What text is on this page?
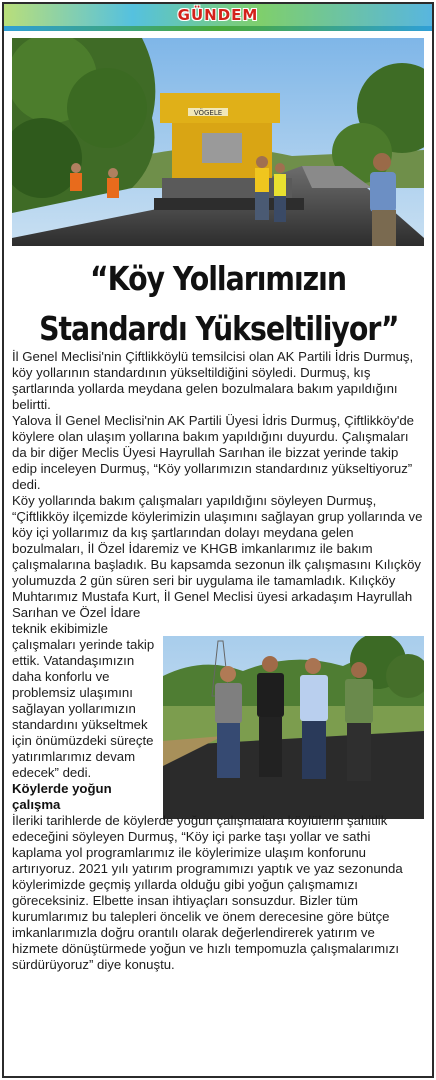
GÜNDEM
VÖGELE
“Köy Yollarımızın
Standardı Yükseltiliyor”

İl Genel Meclisi'nin Çiftlikköylü temsilcisi olan AK Partili İdris Durmuş, köy yollarının standardının yükseltildiğini söyledi. Durmuş, kış şartlarında yollarda meydana gelen bozulmalara bakım yapıldığını belirtti.

Yalova İl Genel Meclisi'nin AK Partili Üyesi İdris Durmuş, Çiftlikköy'de köylere olan ulaşım yollarına bakım yapıldığını duyurdu. Çalışmaları da bir diğer Meclis Üyesi Hayrullah Sarıhan ile bizzat yerinde takip edip inceleyen Durmuş, “Köy yollarımızın standardınız yükseltiyoruz” dedi.

Köy yollarında bakım çalışmaları yapıldığını söyleyen Durmuş, “Çiftlikköy ilçemizde köylerimizin ulaşımını sağlayan grup yollarında ve köy içi yollarımız da kış şartlarından dolayı meydana gelen bozulmaları, İl Özel İdaremiz ve KHGB imkanlarımız ile bakım çalışmalarına başladık. Bu kapsamda sezonun ilk çalışmasını Kılıçköy yolumuzda 2 gün süren seri bir uygulama ile tamamladık. Kılıçköy Muhtarımız Mustafa Kurt, İl Genel Meclisi üyesi arkadaşım Hayrullah Sarıhan ve Özel İdare teknik ekibimizle çalışmaları yerinde takip ettik. Vatandaşımızın daha konforlu ve problemsiz ulaşımını sağlayan yollarımızın standardını yükseltmek için önümüzdeki süreçte yatırımlarımız devam edecek” dedi.

Köylerde yoğun çalışma

İleriki tarihlerde de köylerde yoğun çalışmalara köylülerin şahitlik edeceğini söyleyen Durmuş, “Köy içi parke taşı yollar ve sathi kaplama yol programlarımız ile köylerimize ulaşım konforunu artırıyoruz. 2021 yılı yatırım programımızı yaptık ve yaz sezonunda köylerimizde geçmiş yıllarda olduğu gibi yoğun çalışmamızı göreceksiniz. Elbette insan ihtiyaçları sonsuzdur. Bizler tüm kurumlarımız bu talepleri öncelik ve önem derecesine göre bütçe imkanlarımızla doğru orantılı olarak değerlendirerek yatırım ve hizmete dönüştürmede yoğun ve hızlı tempomuzla çalışmalarımızı sürdürüyoruz” diye konuştu.
